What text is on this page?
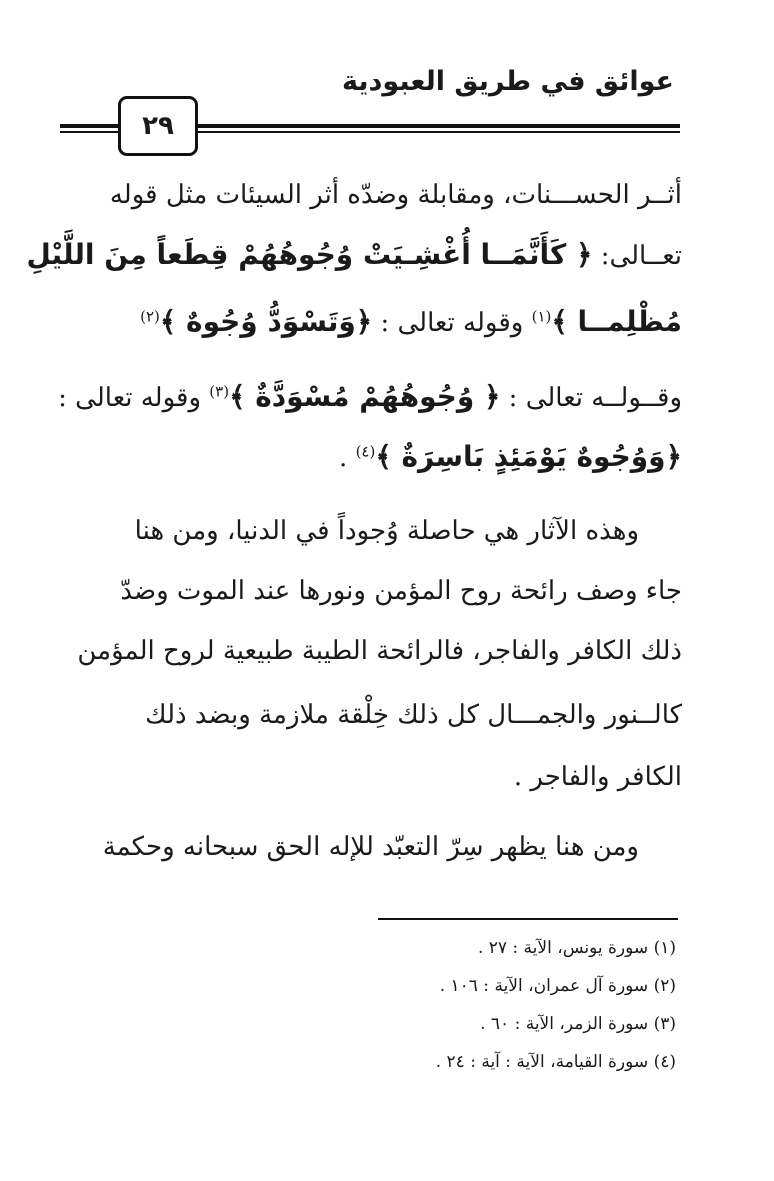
عوائق في طريق العبودية
٢٩
أثــر الحســـنات، ومقابلة وضدّه أثر السيئات مثل قوله
تعــالى: ﴿ كَأَنَّمَــا أُغْشِـيَتْ وُجُوهُهُمْ قِطَعاً مِنَ اللَّيْلِ
مُظْلِمــا ﴾$^{(١)}$ وقوله تعالى : ﴿وَتَسْوَدُّ وُجُوهٌ ﴾$^{(٢)}$
وقــولــه تعالى : ﴿ وُجُوهُهُمْ مُسْوَدَّةٌ ﴾$^{(٣)}$ وقوله تعالى :
﴿وَوُجُوهٌ يَوْمَئِذٍ بَاسِرَةٌ ﴾$^{(٤)}$ .
وهذه الآثار هي حاصلة وُجوداً في الدنيا، ومن هنا
جاء وصف رائحة روح المؤمن ونورها عند الموت وضدّ
ذلك الكافر والفاجر، فالرائحة الطيبة طبيعية لروح المؤمن
كالــنور والجمـــال كل ذلك خِلْقة ملازمة وبضد ذلك
الكافر والفاجر .
ومن هنا يظهر سِرّ التعبّد للإله الحق سبحانه وحكمة
(١) سورة يونس، الآية : ٢٧ .
(٢) سورة آل عمران، الآية : ١٠٦ .
(٣) سورة الزمر، الآية : ٦٠ .
(٤) سورة القيامة، الآية : آية : ٢٤ .
